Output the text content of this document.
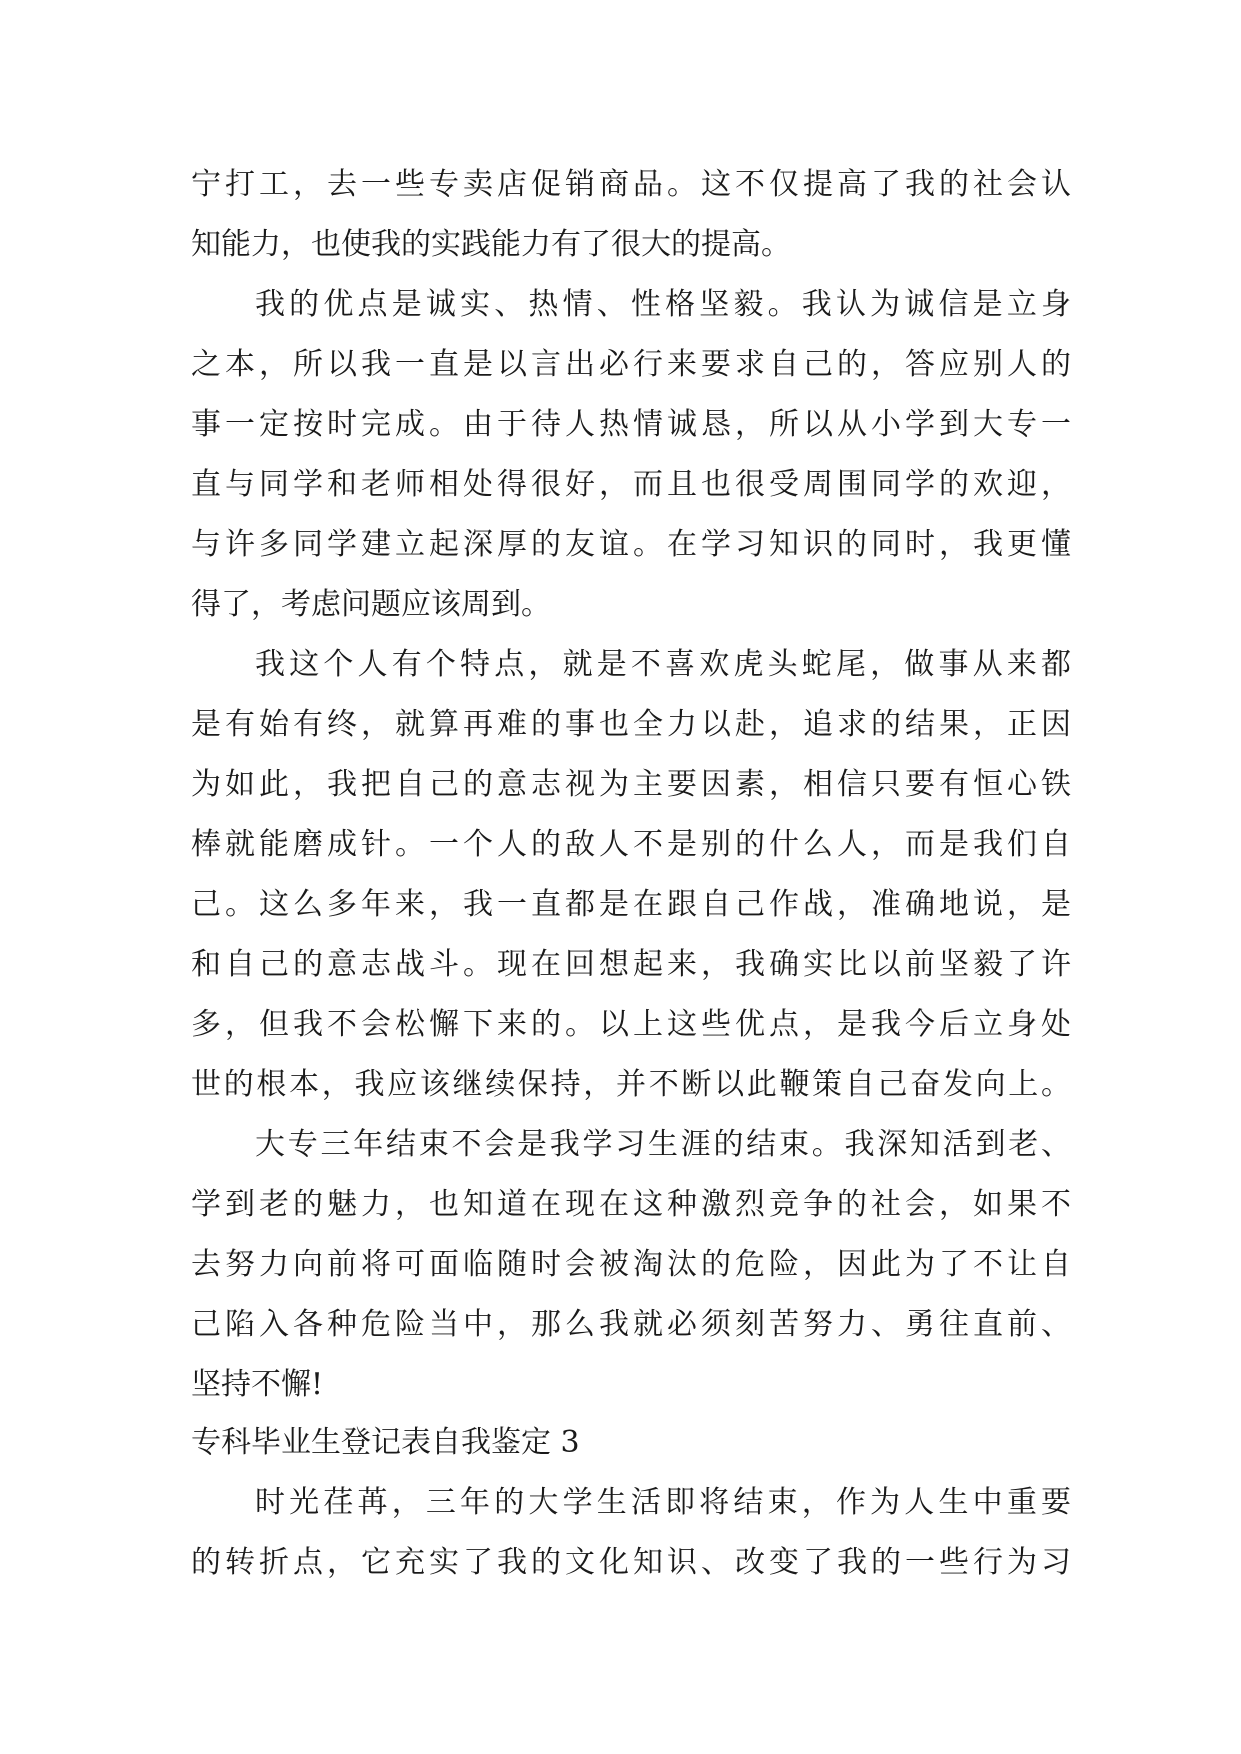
宁打工，去一些专卖店促销商品。这不仅提高了我的社会认
知能力，也使我的实践能力有了很大的提高。
我的优点是诚实、热情、性格坚毅。我认为诚信是立身
之本，所以我一直是以言出必行来要求自己的，答应别人的
事一定按时完成。由于待人热情诚恳，所以从小学到大专一
直与同学和老师相处得很好，而且也很受周围同学的欢迎，
与许多同学建立起深厚的友谊。在学习知识的同时，我更懂
得了，考虑问题应该周到。
我这个人有个特点，就是不喜欢虎头蛇尾，做事从来都
是有始有终，就算再难的事也全力以赴，追求的结果，正因
为如此，我把自己的意志视为主要因素，相信只要有恒心铁
棒就能磨成针。一个人的敌人不是别的什么人，而是我们自
己。这么多年来，我一直都是在跟自己作战，准确地说，是
和自己的意志战斗。现在回想起来，我确实比以前坚毅了许
多，但我不会松懈下来的。以上这些优点，是我今后立身处
世的根本，我应该继续保持，并不断以此鞭策自己奋发向上。
大专三年结束不会是我学习生涯的结束。我深知活到老、
学到老的魅力，也知道在现在这种激烈竞争的社会，如果不
去努力向前将可面临随时会被淘汰的危险，因此为了不让自
己陷入各种危险当中，那么我就必须刻苦努力、勇往直前、
坚持不懈!
专科毕业生登记表自我鉴定 3
时光荏苒，三年的大学生活即将结束，作为人生中重要
的转折点，它充实了我的文化知识、改变了我的一些行为习
